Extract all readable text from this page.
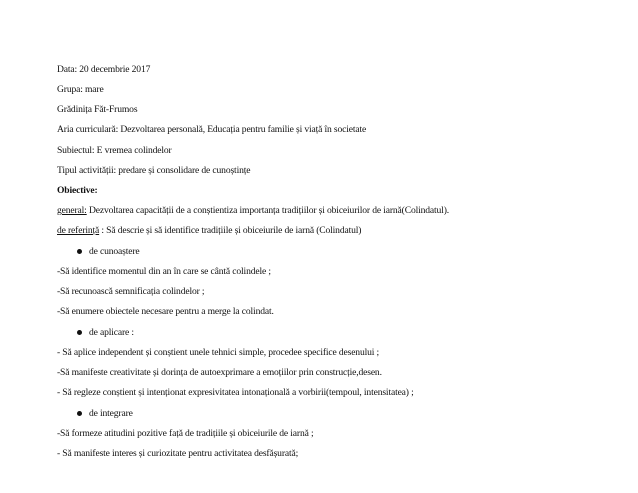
Data: 20 decembrie 2017
Grupa: mare
Grădinița Făt-Frumos
Aria curriculară: Dezvoltarea personală, Educația pentru familie și viață în societate
Subiectul: E vremea colindelor
Tipul activității: predare și consolidare de cunoștințe
Obiective:
general: Dezvoltarea capacității de a conștientiza importanța tradițiilor și obiceiurilor de iarnă(Colindatul).
de referință : Să descrie și să identifice tradițiile și obiceiurile de iarnă (Colindatul)
de cunoaștere
-Să identifice momentul din an în care se cântă colindele ;
-Să recunoască semnificația colindelor ;
-Să enumere obiectele necesare pentru a merge la colindat.
de aplicare :
- Să aplice independent și conștient unele tehnici simple, procedee specifice desenului ;
-Să manifeste creativitate și dorința de autoexprimare a emoțiilor prin construcție,desen.
- Să regleze conștient și intenționat expresivitatea intonațională a vorbirii(tempoul, intensitatea) ;
de integrare
-Să formeze atitudini pozitive față de tradițiile și obiceiurile de iarnă ;
- Să manifeste interes și curiozitate pentru activitatea desfășurată;
